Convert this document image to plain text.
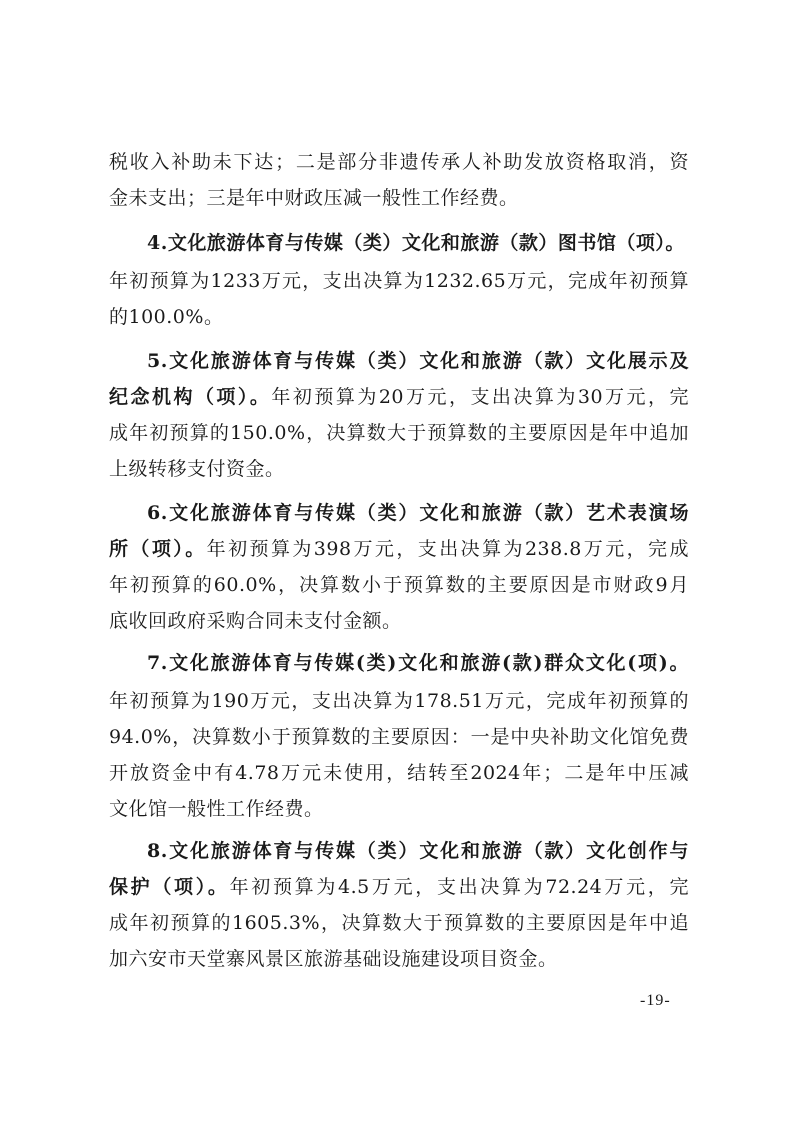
税收入补助未下达；二是部分非遗传承人补助发放资格取消，资
金未支出；三是年中财政压减一般性工作经费。
4.文化旅游体育与传媒（类）文化和旅游（款）图书馆（项）。
年初预算为1233万元，支出决算为1232.65万元，完成年初预算
的100.0%。
5.文化旅游体育与传媒（类）文化和旅游（款）文化展示及
纪念机构（项）。年初预算为20万元，支出决算为30万元，完
成年初预算的150.0%，决算数大于预算数的主要原因是年中追加
上级转移支付资金。
6.文化旅游体育与传媒（类）文化和旅游（款）艺术表演场
所（项）。年初预算为398万元，支出决算为238.8万元，完成
年初预算的60.0%，决算数小于预算数的主要原因是市财政9月
底收回政府采购合同未支付金额。
7.文化旅游体育与传媒(类)文化和旅游(款)群众文化(项)。
年初预算为190万元，支出决算为178.51万元，完成年初预算的
94.0%，决算数小于预算数的主要原因：一是中央补助文化馆免费
开放资金中有4.78万元未使用，结转至2024年；二是年中压减
文化馆一般性工作经费。
8.文化旅游体育与传媒（类）文化和旅游（款）文化创作与
保护（项）。年初预算为4.5万元，支出决算为72.24万元，完
成年初预算的1605.3%，决算数大于预算数的主要原因是年中追
加六安市天堂寨风景区旅游基础设施建设项目资金。
-19-
